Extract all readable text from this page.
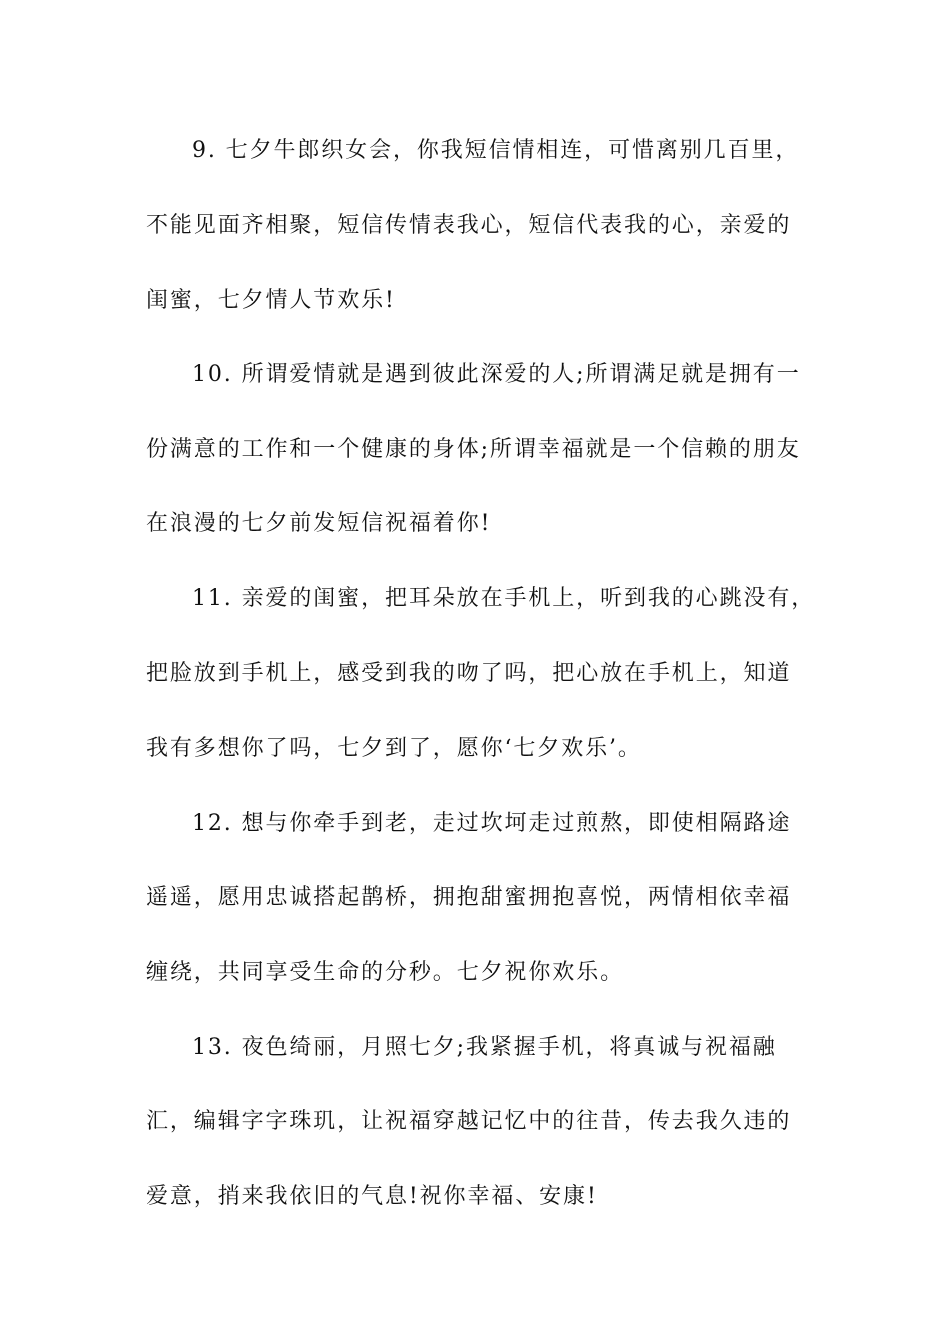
9. 七夕牛郎织女会，你我短信情相连，可惜离别几百里，
不能见面齐相聚，短信传情表我心，短信代表我的心，亲爱的
闺蜜，七夕情人节欢乐!
10. 所谓爱情就是遇到彼此深爱的人;所谓满足就是拥有一
份满意的工作和一个健康的身体;所谓幸福就是一个信赖的朋友
在浪漫的七夕前发短信祝福着你!
11. 亲爱的闺蜜，把耳朵放在手机上，听到我的心跳没有，
把脸放到手机上，感受到我的吻了吗，把心放在手机上，知道
我有多想你了吗，七夕到了，愿你‘七夕欢乐’。
12. 想与你牵手到老，走过坎坷走过煎熬，即使相隔路途
遥遥，愿用忠诚搭起鹊桥，拥抱甜蜜拥抱喜悦，两情相依幸福
缠绕，共同享受生命的分秒。七夕祝你欢乐。
13. 夜色绮丽，月照七夕;我紧握手机，将真诚与祝福融
汇，编辑字字珠玑，让祝福穿越记忆中的往昔，传去我久违的
爱意，捎来我依旧的气息!祝你幸福、安康!
